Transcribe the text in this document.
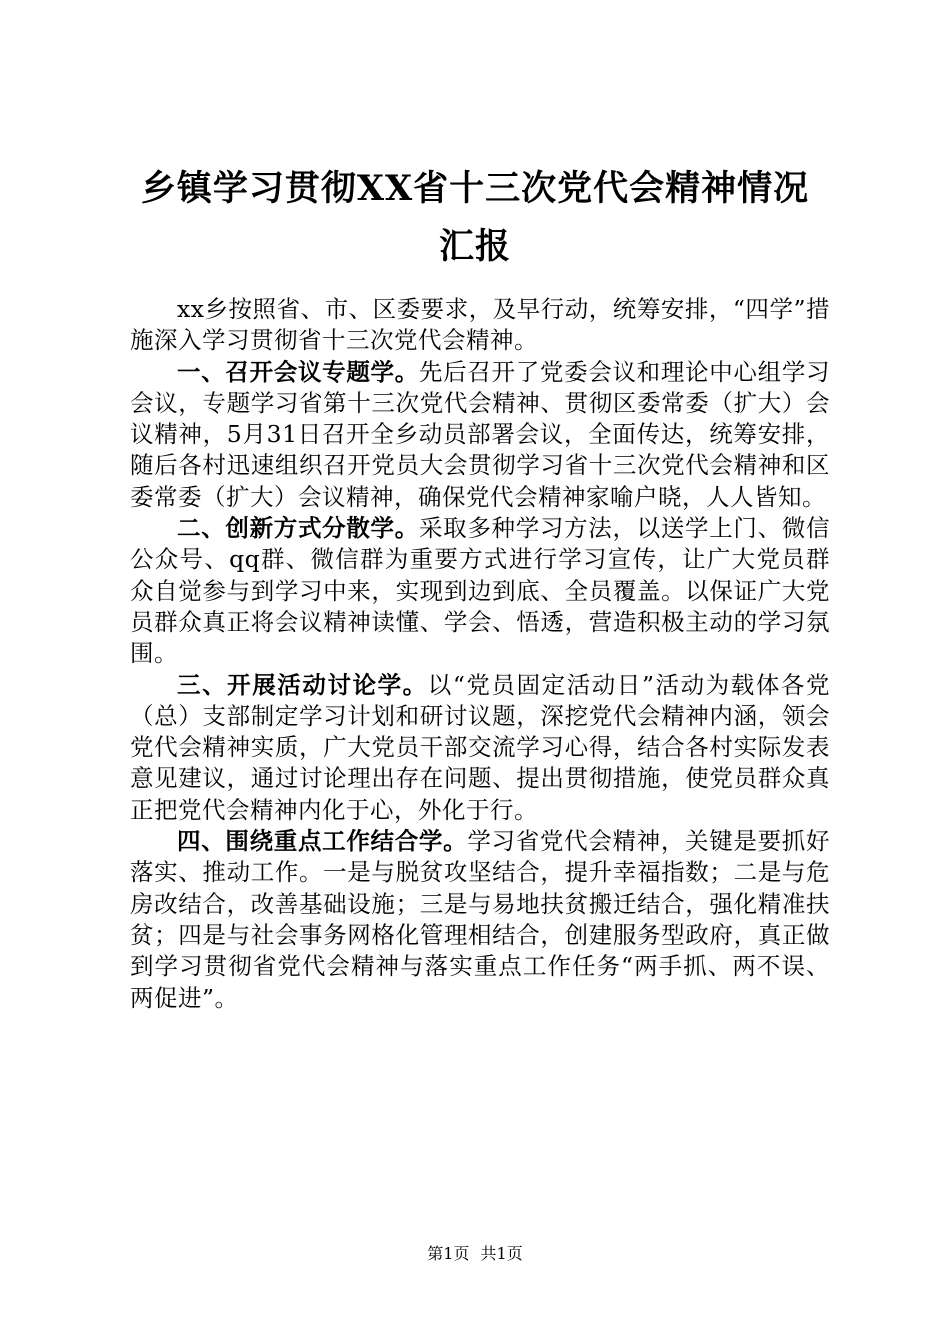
乡镇学习贯彻XX省十三次党代会精神情况汇报

xx乡按照省、市、区委要求，及早行动，统筹安排，“四学”措施深入学习贯彻省十三次党代会精神。

一、召开会议专题学。先后召开了党委会议和理论中心组学习会议，专题学习省第十三次党代会精神、贯彻区委常委（扩大）会议精神，5月31日召开全乡动员部署会议，全面传达，统筹安排，随后各村迅速组织召开党员大会贯彻学习省十三次党代会精神和区委常委（扩大）会议精神，确保党代会精神家喻户晓，人人皆知。

二、创新方式分散学。采取多种学习方法，以送学上门、微信公众号、qq群、微信群为重要方式进行学习宣传，让广大党员群众自觉参与到学习中来，实现到边到底、全员覆盖。以保证广大党员群众真正将会议精神读懂、学会、悟透，营造积极主动的学习氛围。

三、开展活动讨论学。以“党员固定活动日”活动为载体各党（总）支部制定学习计划和研讨议题，深挖党代会精神内涵，领会党代会精神实质，广大党员干部交流学习心得，结合各村实际发表意见建议，通过讨论理出存在问题、提出贯彻措施，使党员群众真正把党代会精神内化于心，外化于行。

四、围绕重点工作结合学。学习省党代会精神，关键是要抓好落实、推动工作。一是与脱贫攻坚结合，提升幸福指数；二是与危房改结合，改善基础设施；三是与易地扶贫搬迁结合，强化精准扶贫；四是与社会事务网格化管理相结合，创建服务型政府，真正做到学习贯彻省党代会精神与落实重点工作任务“两手抓、两不误、两促进”。

第1页 共1页
